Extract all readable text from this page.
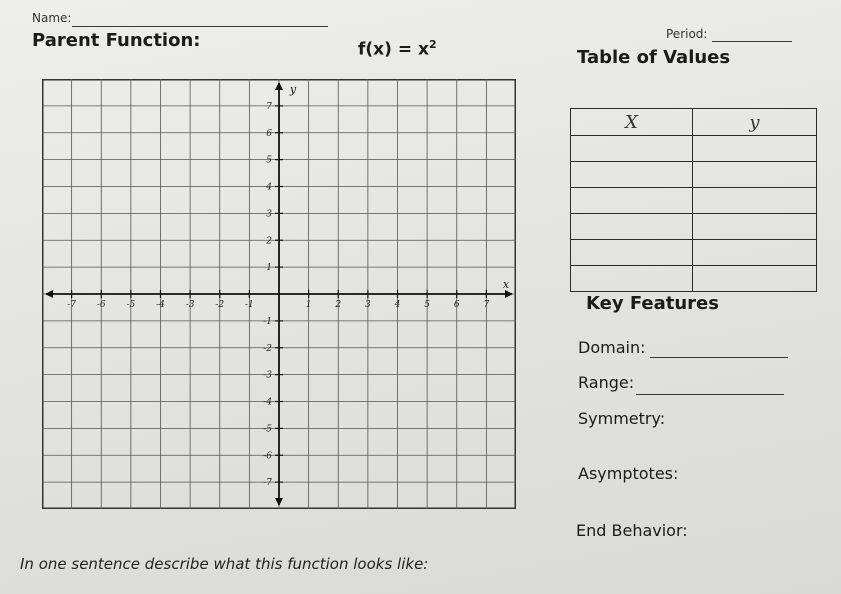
Name:
Parent Function:	$f(x) = x^2$
Period:
Table of Values
-7 -6 -5 -4 -3 -2 -1	1	2	3	4	5	6	7
7
6
5
4
3
2
1
-1
-2
-3
-4
-5
-6
-7
x
y
X	y

Key Features
Domain:
Range:
Symmetry:
Asymptotes:
End Behavior:
In one sentence describe what this function looks like:
